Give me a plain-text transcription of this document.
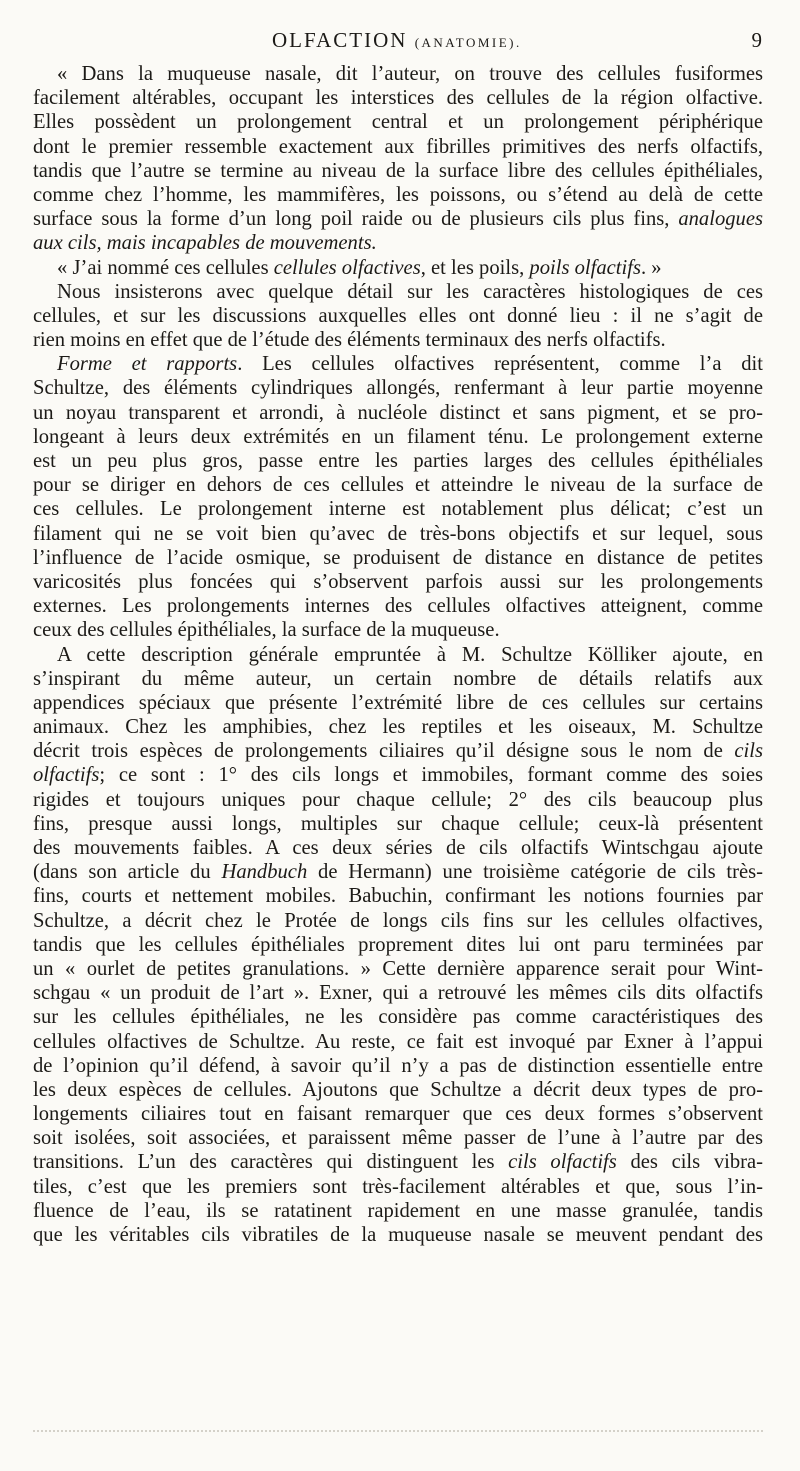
OLFACTION (ANATOMIE).	9
« Dans la muqueuse nasale, dit l’auteur, on trouve des cellules fusiformes
facilement altérables, occupant les interstices des cellules de la région olfactive.
Elles possèdent un prolongement central et un prolongement périphérique
dont le premier ressemble exactement aux fibrilles primitives des nerfs olfactifs,
tandis que l’autre se termine au niveau de la surface libre des cellules épithéliales,
comme chez l’homme, les mammifères, les poissons, ou s’étend au delà de cette
surface sous la forme d’un long poil raide ou de plusieurs cils plus fins, analogues
aux cils, mais incapables de mouvements.
« J’ai nommé ces cellules cellules olfactives, et les poils, poils olfactifs. »
Nous insisterons avec quelque détail sur les caractères histologiques de ces
cellules, et sur les discussions auxquelles elles ont donné lieu : il ne s’agit de
rien moins en effet que de l’étude des éléments terminaux des nerfs olfactifs.
Forme et rapports. Les cellules olfactives représentent, comme l’a dit
Schultze, des éléments cylindriques allongés, renfermant à leur partie moyenne
un noyau transparent et arrondi, à nucléole distinct et sans pigment, et se pro-
longeant à leurs deux extrémités en un filament ténu. Le prolongement externe
est un peu plus gros, passe entre les parties larges des cellules épithéliales
pour se diriger en dehors de ces cellules et atteindre le niveau de la surface de
ces cellules. Le prolongement interne est notablement plus délicat; c’est un
filament qui ne se voit bien qu’avec de très-bons objectifs et sur lequel, sous
l’influence de l’acide osmique, se produisent de distance en distance de petites
varicosités plus foncées qui s’observent parfois aussi sur les prolongements
externes. Les prolongements internes des cellules olfactives atteignent, comme
ceux des cellules épithéliales, la surface de la muqueuse.
A cette description générale empruntée à M. Schultze Kölliker ajoute, en
s’inspirant du même auteur, un certain nombre de détails relatifs aux
appendices spéciaux que présente l’extrémité libre de ces cellules sur certains
animaux. Chez les amphibies, chez les reptiles et les oiseaux, M. Schultze
décrit trois espèces de prolongements ciliaires qu’il désigne sous le nom de cils
olfactifs; ce sont : 1° des cils longs et immobiles, formant comme des soies
rigides et toujours uniques pour chaque cellule; 2° des cils beaucoup plus
fins, presque aussi longs, multiples sur chaque cellule; ceux-là présentent
des mouvements faibles. A ces deux séries de cils olfactifs Wintschgau ajoute
(dans son article du Handbuch de Hermann) une troisième catégorie de cils très-
fins, courts et nettement mobiles. Babuchin, confirmant les notions fournies par
Schultze, a décrit chez le Protée de longs cils fins sur les cellules olfactives,
tandis que les cellules épithéliales proprement dites lui ont paru terminées par
un « ourlet de petites granulations. » Cette dernière apparence serait pour Wint-
schgau « un produit de l’art ». Exner, qui a retrouvé les mêmes cils dits olfactifs
sur les cellules épithéliales, ne les considère pas comme caractéristiques des
cellules olfactives de Schultze. Au reste, ce fait est invoqué par Exner à l’appui
de l’opinion qu’il défend, à savoir qu’il n’y a pas de distinction essentielle entre
les deux espèces de cellules. Ajoutons que Schultze a décrit deux types de pro-
longements ciliaires tout en faisant remarquer que ces deux formes s’observent
soit isolées, soit associées, et paraissent même passer de l’une à l’autre par des
transitions. L’un des caractères qui distinguent les cils olfactifs des cils vibra-
tiles, c’est que les premiers sont très-facilement altérables et que, sous l’in-
fluence de l’eau, ils se ratatinent rapidement en une masse granulée, tandis
que les véritables cils vibratiles de la muqueuse nasale se meuvent pendant des
